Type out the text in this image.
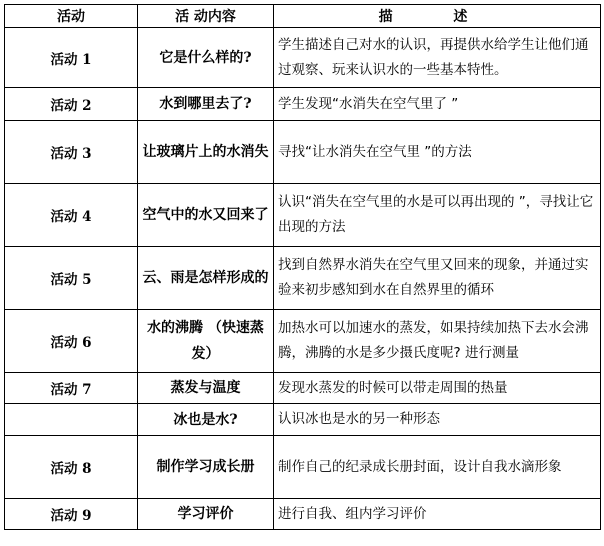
活动	活 动内容	描 述
活动 1	它是什么样的?	学生描述自己对水的认识，再提供水给学生让他们通过观察、玩来认识水的一些基本特性。
活动 2	水到哪里去了?	学生发现“水消失在空气里了 ”
活动 3	让玻璃片上的水消失	寻找“让水消失在空气里 ”的方法
活动 4	空气中的水又回来了	认识“消失在空气里的水是可以再出现的 ”，寻找让它出现的方法
活动 5	云、雨是怎样形成的	找到自然界水消失在空气里又回来的现象，并通过实验来初步感知到水在自然界里的循环
活动 6	水的沸腾 （快速蒸发）	加热水可以加速水的蒸发，如果持续加热下去水会沸腾，沸腾的水是多少摄氏度呢? 进行测量
活动 7	蒸发与温度	发现水蒸发的时候可以带走周围的热量
	冰也是水?	认识冰也是水的另一种形态
活动 8	制作学习成长册	制作自己的纪录成长册封面，设计自我水滴形象
活动 9	学习评价	进行自我、组内学习评价
